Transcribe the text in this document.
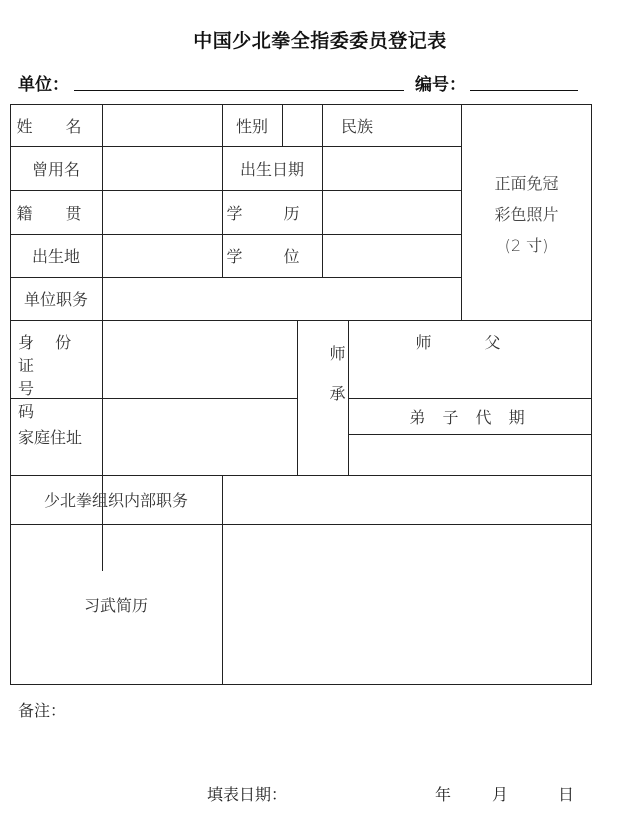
中国少北拳全指委委员登记表
单位：	编号：
姓 名	性别	民族
曾用名	出生日期
籍 贯	学 历
出生地	学 位
正面免冠
彩色照片
(2 寸)
单位职务
身 份 证
号 码
家庭住址
师承
师 父
弟 子 代 期
少北拳组织内部职务
习武简历
备注：
填表日期：	年	月	日
